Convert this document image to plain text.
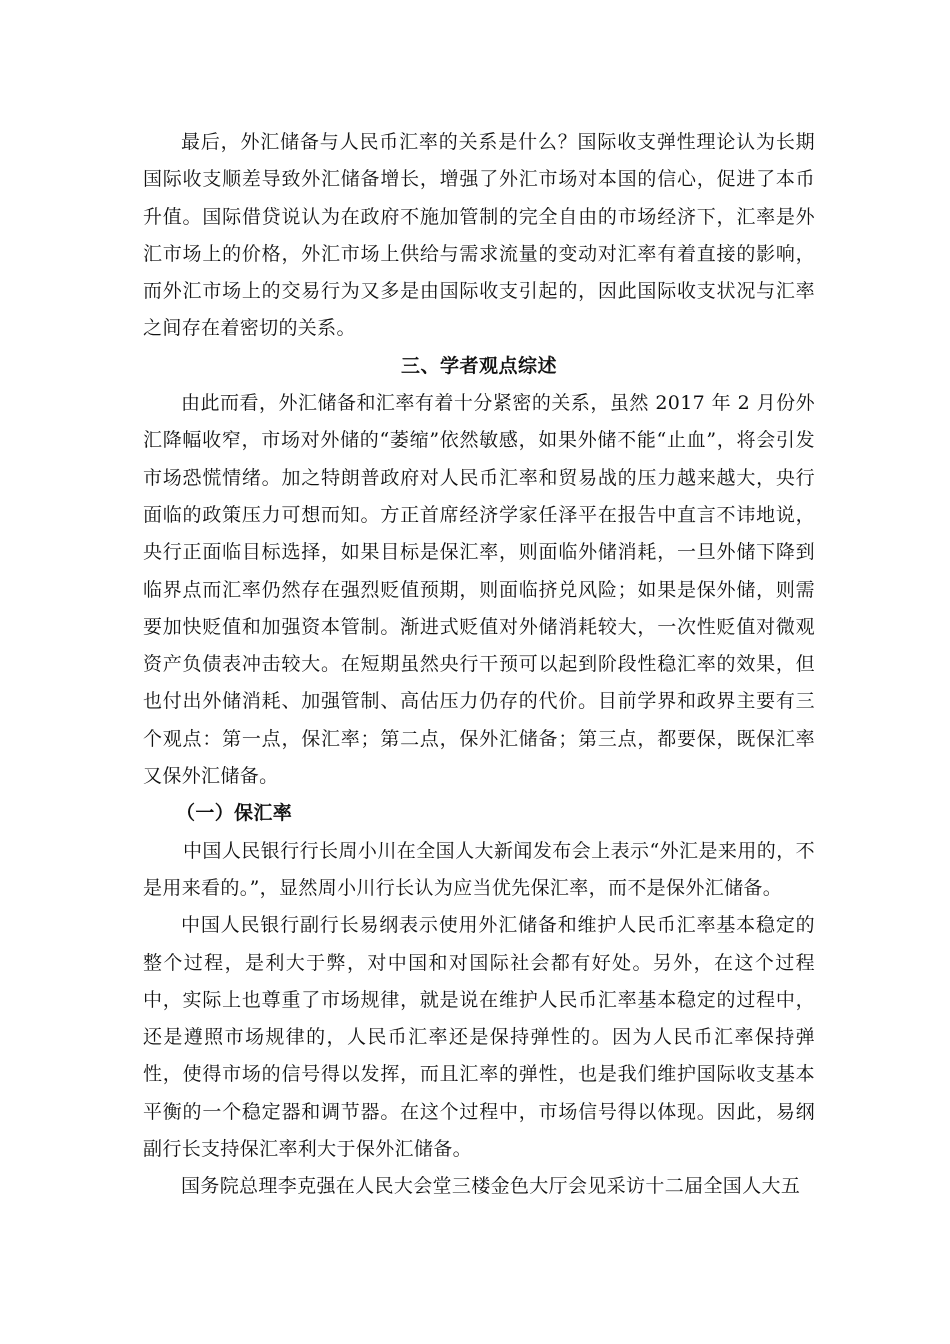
最后，外汇储备与人民币汇率的关系是什么？国际收支弹性理论认为长期国际收支顺差导致外汇储备增长，增强了外汇市场对本国的信心，促进了本币升值。国际借贷说认为在政府不施加管制的完全自由的市场经济下，汇率是外汇市场上的价格，外汇市场上供给与需求流量的变动对汇率有着直接的影响，而外汇市场上的交易行为又多是由国际收支引起的，因此国际收支状况与汇率之间存在着密切的关系。

三、学者观点综述

由此而看，外汇储备和汇率有着十分紧密的关系，虽然 2017 年 2 月份外汇降幅收窄，市场对外储的“萎缩”依然敏感，如果外储不能“止血”，将会引发市场恐慌情绪。加之特朗普政府对人民币汇率和贸易战的压力越来越大，央行面临的政策压力可想而知。方正首席经济学家任泽平在报告中直言不讳地说，央行正面临目标选择，如果目标是保汇率，则面临外储消耗，一旦外储下降到临界点而汇率仍然存在强烈贬值预期，则面临挤兑风险；如果是保外储，则需要加快贬值和加强资本管制。渐进式贬值对外储消耗较大，一次性贬值对微观资产负债表冲击较大。在短期虽然央行干预可以起到阶段性稳汇率的效果，但也付出外储消耗、加强管制、高估压力仍存的代价。目前学界和政界主要有三个观点：第一点，保汇率；第二点，保外汇储备；第三点，都要保，既保汇率又保外汇储备。

（一）保汇率

中国人民银行行长周小川在全国人大新闻发布会上表示“外汇是来用的，不是用来看的。”，显然周小川行长认为应当优先保汇率，而不是保外汇储备。

中国人民银行副行长易纲表示使用外汇储备和维护人民币汇率基本稳定的整个过程，是利大于弊，对中国和对国际社会都有好处。另外，在这个过程中，实际上也尊重了市场规律，就是说在维护人民币汇率基本稳定的过程中，还是遵照市场规律的，人民币汇率还是保持弹性的。因为人民币汇率保持弹性，使得市场的信号得以发挥，而且汇率的弹性，也是我们维护国际收支基本平衡的一个稳定器和调节器。在这个过程中，市场信号得以体现。因此，易纲副行长支持保汇率利大于保外汇储备。

国务院总理李克强在人民大会堂三楼金色大厅会见采访十二届全国人大五
